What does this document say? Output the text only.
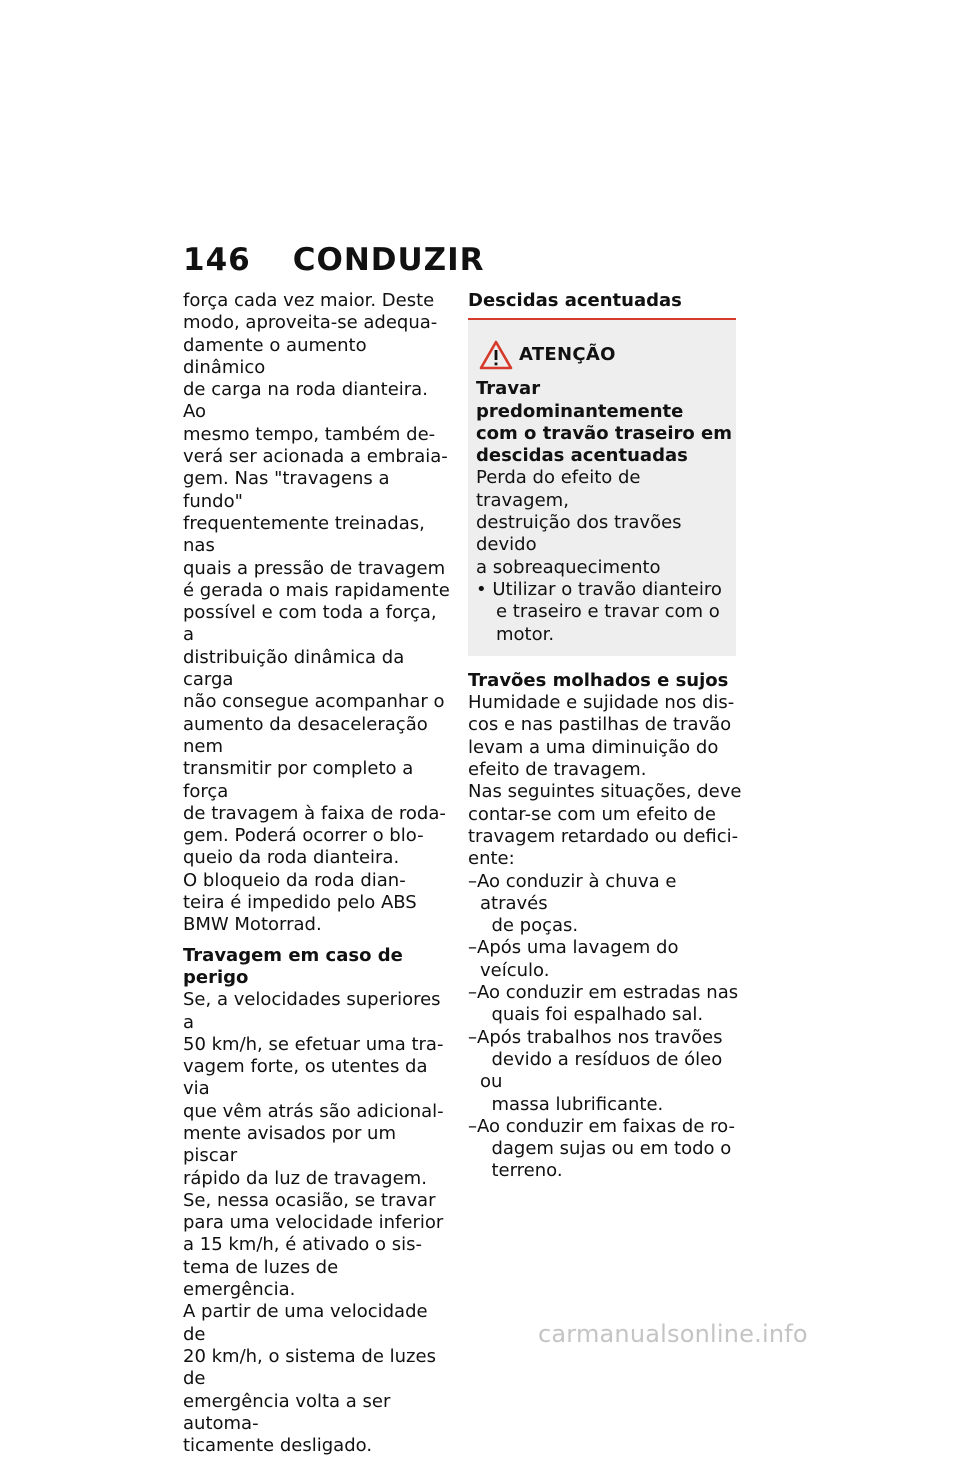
146 CONDUZIR

força cada vez maior. Deste

modo, aproveita-se adequa-

damente o aumento dinâmico

de carga na roda dianteira. Ao

mesmo tempo, também de-

verá ser acionada a embraia-

gem. Nas "travagens a fundo"

frequentemente treinadas, nas

quais a pressão de travagem

é gerada o mais rapidamente

possível e com toda a força, a

distribuição dinâmica da carga

não consegue acompanhar o

aumento da desaceleração nem

transmitir por completo a força

de travagem à faixa de roda-

gem. Poderá ocorrer o blo-

queio da roda dianteira.

O bloqueio da roda dian-

teira é impedido pelo ABS

BMW Motorrad.

Travagem em caso de perigo

Se, a velocidades superiores a

50 km/h, se efetuar uma tra-

vagem forte, os utentes da via

que vêm atrás são adicional-

mente avisados por um piscar

rápido da luz de travagem.

Se, nessa ocasião, se travar

para uma velocidade inferior

a 15 km/h, é ativado o sis-

tema de luzes de emergência.

A partir de uma velocidade de

20 km/h, o sistema de luzes de

emergência volta a ser automa-

ticamente desligado.

Descidas acentuadas
ATENÇÃO

Travar predominantemente

com o travão traseiro em

descidas acentuadas

Perda do efeito de travagem,

destruição dos travões devido

a sobreaquecimento

• Utilizar o travão dianteiro
e traseiro e travar com o
motor.
Travões molhados e sujos

Humidade e sujidade nos dis-

cos e nas pastilhas de travão

levam a uma diminuição do

efeito de travagem.

Nas seguintes situações, deve

contar-se com um efeito de

travagem retardado ou defici-

ente:

–Ao conduzir à chuva e através
de poças.
–Após uma lavagem do veículo.
–Ao conduzir em estradas nas
quais foi espalhado sal.
–Após trabalhos nos travões
devido a resíduos de óleo ou
massa lubrificante.
–Ao conduzir em faixas de ro-
dagem sujas ou em todo o
terreno.
carmanualsonline.info
